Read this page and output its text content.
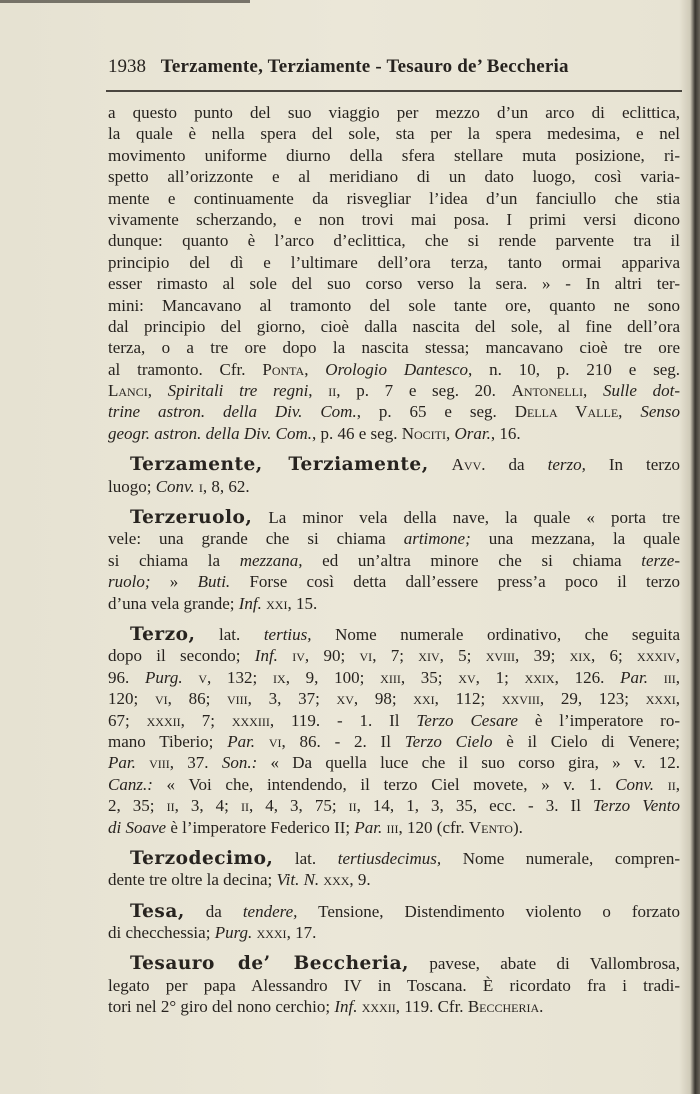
1938 Terzamente, Terziamente - Tesauro de’ Beccheria
a questo punto del suo viaggio per mezzo d’un arco di eclittica,
la quale è nella spera del sole, sta per la spera medesima, e nel
movimento uniforme diurno della sfera stellare muta posizione, ri-
spetto all’orizzonte e al meridiano di un dato luogo, così varia-
mente e continuamente da risvegliar l’idea d’un fanciullo che stia
vivamente scherzando, e non trovi mai posa. I primi versi dicono
dunque: quanto è l’arco d’eclittica, che si rende parvente tra il
principio del dì e l’ultimare dell’ora terza, tanto ormai appariva
esser rimasto al sole del suo corso verso la sera. » - In altri ter-
mini: Mancavano al tramonto del sole tante ore, quanto ne sono
dal principio del giorno, cioè dalla nascita del sole, al fine dell’ora
terza, o a tre ore dopo la nascita stessa; mancavano cioè tre ore
al tramonto. Cfr. Ponta, Orologio Dantesco, n. 10, p. 210 e seg.
Lanci, Spiritali tre regni, ii, p. 7 e seg. 20. Antonelli, Sulle dot-
trine astron. della Div. Com., p. 65 e seg. Della Valle, Senso
geogr. astron. della Div. Com., p. 46 e seg. Nociti, Orar., 16.
Terzamente, Terziamente, Avv. da terzo, In terzo
luogo; Conv. i, 8, 62.
Terzeruolo, La minor vela della nave, la quale « porta tre
vele: una grande che si chiama artimone; una mezzana, la quale
si chiama la mezzana, ed un’altra minore che si chiama terze-
ruolo; » Buti. Forse così detta dall’essere press’a poco il terzo
d’una vela grande; Inf. xxi, 15.
Terzo, lat. tertius, Nome numerale ordinativo, che seguita
dopo il secondo; Inf. iv, 90; vi, 7; xiv, 5; xviii, 39; xix, 6; xxxiv,
96. Purg. v, 132; ix, 9, 100; xiii, 35; xv, 1; xxix, 126. Par. iii,
120; vi, 86; viii, 3, 37; xv, 98; xxi, 112; xxviii, 29, 123; xxxi,
67; xxxii, 7; xxxiii, 119. - 1. Il Terzo Cesare è l’imperatore ro-
mano Tiberio; Par. vi, 86. - 2. Il Terzo Cielo è il Cielo di Venere;
Par. viii, 37. Son.: « Da quella luce che il suo corso gira, » v. 12.
Canz.: « Voi che, intendendo, il terzo Ciel movete, » v. 1. Conv. ii,
2, 35; ii, 3, 4; ii, 4, 3, 75; ii, 14, 1, 3, 35, ecc. - 3. Il Terzo Vento
di Soave è l’imperatore Federico II; Par. iii, 120 (cfr. Vento).
Terzodecimo, lat. tertiusdecimus, Nome numerale, compren-
dente tre oltre la decina; Vit. N. xxx, 9.
Tesa, da tendere, Tensione, Distendimento violento o forzato
di checchessia; Purg. xxxi, 17.
Tesauro de’ Beccheria, pavese, abate di Vallombrosa,
legato per papa Alessandro IV in Toscana. È ricordato fra i tradi-
tori nel 2° giro del nono cerchio; Inf. xxxii, 119. Cfr. Beccheria.
